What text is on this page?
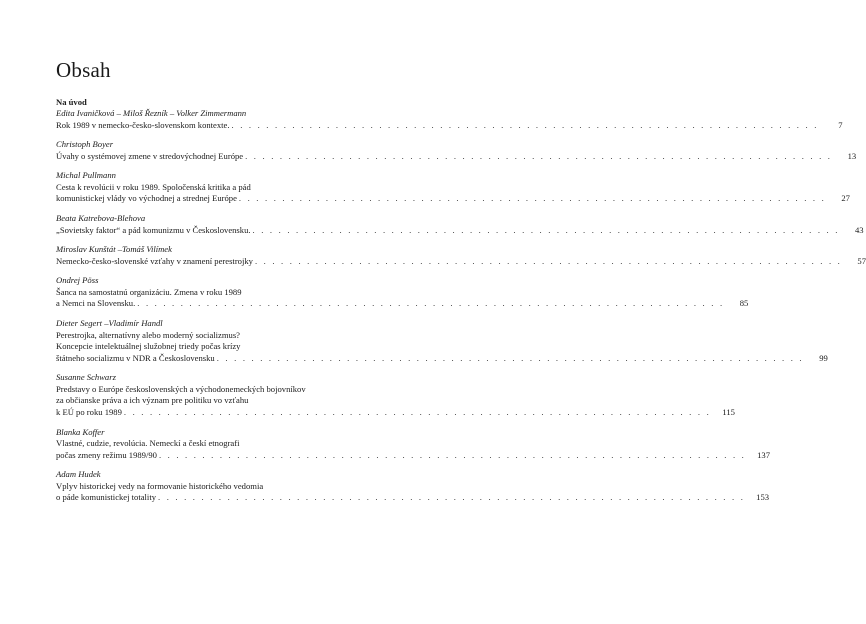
Obsah
Na úvod
Edita Ivaničková – Miloš Řezník – Volker Zimmermann
Rok 1989 v nemecko-česko-slovenskom kontexte. . . . . . . . . . . . . . . . . . . . . . . . . . . . . . . . . . . . . . . . . . . . . . . . . . . . . . . . . . . . . . . . . . . . .	7
Christoph Boyer
Úvahy o systémovej zmene v stredovýchodnej Európe . . . . . . . . . . . . . . . . . . . . . . . . . . . . . . . . . . . . . . . . . . . . . . . . . . . . . . . . . . . . . . . . . . . .	13
Michal Pullmann
Cesta k revolúcii v roku 1989. Spoločenská kritika a pád
komunistickej vlády vo východnej a strednej Európe . . . . . . . . . . . . . . . . . . . . . . . . . . . . . . . . . . . . . . . . . . . . . . . . . . . . . . . . . . . . . . . . . . . .	27
Beata Katrebova-Blehova
„Sovietsky faktor“ a pád komunizmu v Československu. . . . . . . . . . . . . . . . . . . . . . . . . . . . . . . . . . . . . . . . . . . . . . . . . . . . . . . . . . . . . . . . . . . . .	43
Miroslav Kunštát –Tomáš Vilímek
Nemecko-česko-slovenské vzťahy v znamení perestrojky . . . . . . . . . . . . . . . . . . . . . . . . . . . . . . . . . . . . . . . . . . . . . . . . . . . . . . . . . . . . . . . . . . . .	57
Ondrej Pöss
Šanca na samostatnú organizáciu. Zmena v roku 1989
a Nemci na Slovensku. . . . . . . . . . . . . . . . . . . . . . . . . . . . . . . . . . . . . . . . . . . . . . . . . . . . . . . . . . . . . . . . . . . . .	85
Dieter Segert –Vladimír Handl
Perestrojka, alternatívny alebo moderný socializmus?
Koncepcie intelektuálnej služobnej triedy počas krízy
štátneho socializmu v NDR a Československu . . . . . . . . . . . . . . . . . . . . . . . . . . . . . . . . . . . . . . . . . . . . . . . . . . . . . . . . . . . . . . . . . . . .	99
Susanne Schwarz
Predstavy o Európe československých a východonemeckých bojovníkov
za občianske práva a ich význam pre politiku vo vzťahu
k EÚ po roku 1989 . . . . . . . . . . . . . . . . . . . . . . . . . . . . . . . . . . . . . . . . . . . . . . . . . . . . . . . . . . . . . . . . . . . .	115
Blanka Koffer
Vlastné, cudzie, revolúcia. Nemeckí a českí etnografi
počas zmeny režimu 1989/90 . . . . . . . . . . . . . . . . . . . . . . . . . . . . . . . . . . . . . . . . . . . . . . . . . . . . . . . . . . . . . . . . . . . .	137
Adam Hudek
Vplyv historickej vedy na formovanie historického vedomia
o páde komunistickej totality . . . . . . . . . . . . . . . . . . . . . . . . . . . . . . . . . . . . . . . . . . . . . . . . . . . . . . . . . . . . . . . . . . . .	153
